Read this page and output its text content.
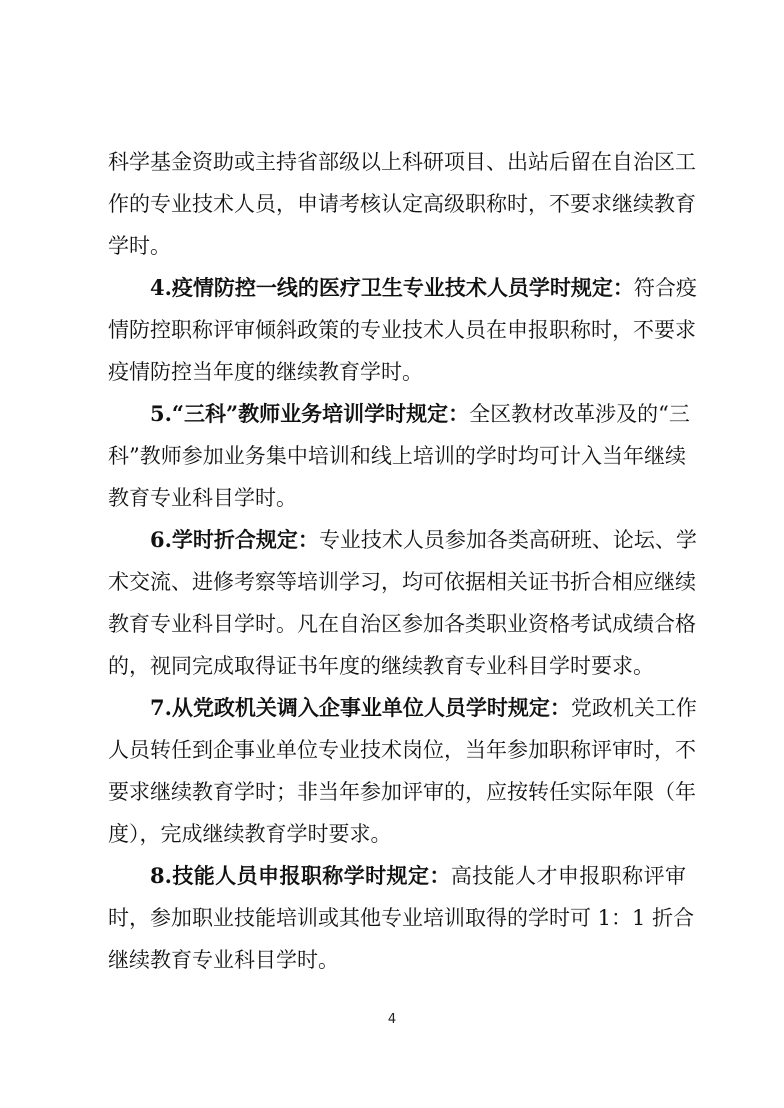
科学基金资助或主持省部级以上科研项目、出站后留在自治区工
作的专业技术人员，申请考核认定高级职称时，不要求继续教育
学时。
4.疫情防控一线的医疗卫生专业技术人员学时规定：符合疫
情防控职称评审倾斜政策的专业技术人员在申报职称时，不要求
疫情防控当年度的继续教育学时。
5.“三科”教师业务培训学时规定：全区教材改革涉及的“三
科”教师参加业务集中培训和线上培训的学时均可计入当年继续
教育专业科目学时。
6.学时折合规定：专业技术人员参加各类高研班、论坛、学
术交流、进修考察等培训学习，均可依据相关证书折合相应继续
教育专业科目学时。凡在自治区参加各类职业资格考试成绩合格
的，视同完成取得证书年度的继续教育专业科目学时要求。
7.从党政机关调入企事业单位人员学时规定：党政机关工作
人员转任到企事业单位专业技术岗位，当年参加职称评审时，不
要求继续教育学时；非当年参加评审的，应按转任实际年限（年
度），完成继续教育学时要求。
8.技能人员申报职称学时规定：高技能人才申报职称评审
时，参加职业技能培训或其他专业培训取得的学时可 1：1 折合
继续教育专业科目学时。
4
